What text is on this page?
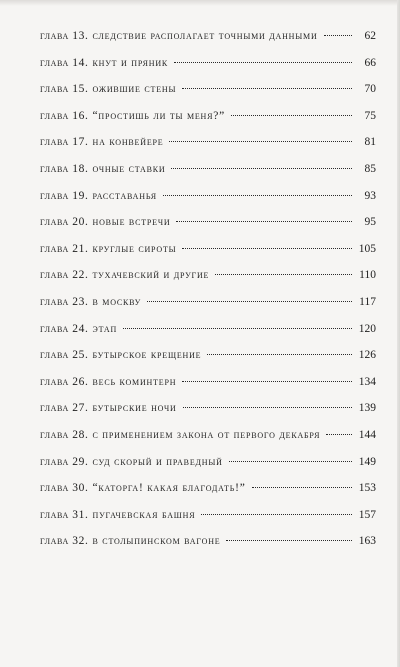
глава 13. следствие располагает точными данными	62
глава 14. кнут и пряник	66
глава 15. ожившие стены	70
глава 16. “простишь ли ты меня?”	75
глава 17. на конвейере	81
глава 18. очные ставки	85
глава 19. расставанья	93
глава 20. новые встречи	95
глава 21. круглые сироты	105
глава 22. тухачевский и другие	110
глава 23. в москву	117
глава 24. этап	120
глава 25. бутырское крещение	126
глава 26. весь коминтерн	134
глава 27. бутырские ночи	139
глава 28. с применением закона от первого декабря	144
глава 29. суд скорый и праведный	149
глава 30. “каторга! какая благодать!”	153
глава 31. пугачевская башня	157
глава 32. в столыпинском вагоне	163
